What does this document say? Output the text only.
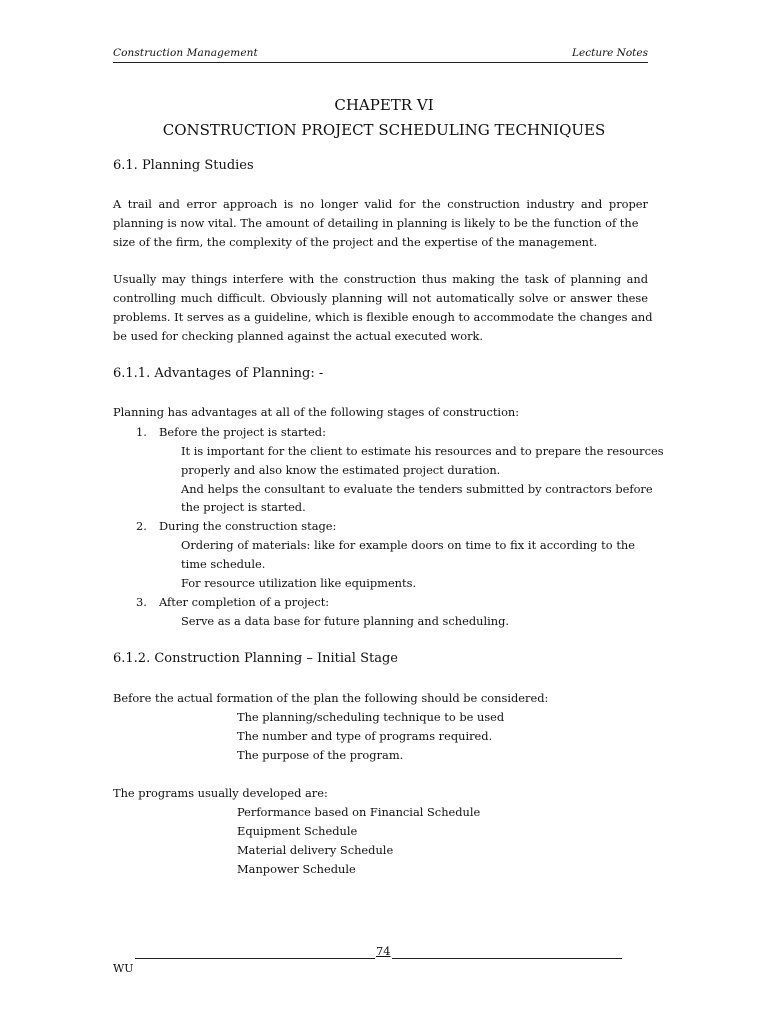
Construction Management	Lecture Notes
CHAPETR VI
CONSTRUCTION PROJECT SCHEDULING TECHNIQUES
6.1. Planning Studies
A trail and error approach is no longer valid for the construction industry and proper
planning is now vital. The amount of detailing in planning is likely to be the function of the
size of the firm, the complexity of the project and the expertise of the management.
Usually may things interfere with the construction thus making the task of planning and
controlling much difficult. Obviously planning will not automatically solve or answer these
problems. It serves as a guideline, which is flexible enough to accommodate the changes and
be used for checking planned against the actual executed work.
6.1.1. Advantages of Planning: -
Planning has advantages at all of the following stages of construction:
1. Before the project is started:
It is important for the client to estimate his resources and to prepare the resources
properly and also know the estimated project duration.
And helps the consultant to evaluate the tenders submitted by contractors before
the project is started.
2. During the construction stage:
Ordering of materials: like for example doors on time to fix it according to the
time schedule.
For resource utilization like equipments.
3. After completion of a project:
Serve as a data base for future planning and scheduling.
6.1.2. Construction Planning – Initial Stage
Before the actual formation of the plan the following should be considered:
The planning/scheduling technique to be used
The number and type of programs required.
The purpose of the program.
The programs usually developed are:
Performance based on Financial Schedule
Equipment Schedule
Material delivery Schedule
Manpower Schedule
74
WU
